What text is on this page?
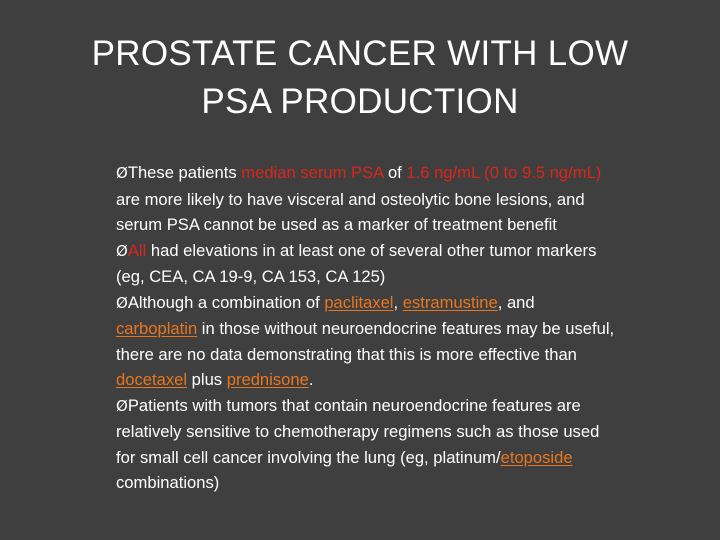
PROSTATE CANCER WITH LOW
PSA PRODUCTION

ØThese patients median serum PSA of 1.6 ng/mL (0 to 9.5 ng/mL) are more likely to have visceral and osteolytic bone lesions, and serum PSA cannot be used as a marker of treatment benefit

ØAll had elevations in at least one of several other tumor markers (eg, CEA, CA 19-9, CA 153, CA 125)

ØAlthough a combination of paclitaxel, estramustine, and carboplatin in those without neuroendocrine features may be useful, there are no data demonstrating that this is more effective than docetaxel plus prednisone.

ØPatients with tumors that contain neuroendocrine features are relatively sensitive to chemotherapy regimens such as those used for small cell cancer involving the lung (eg, platinum/etoposide combinations)
